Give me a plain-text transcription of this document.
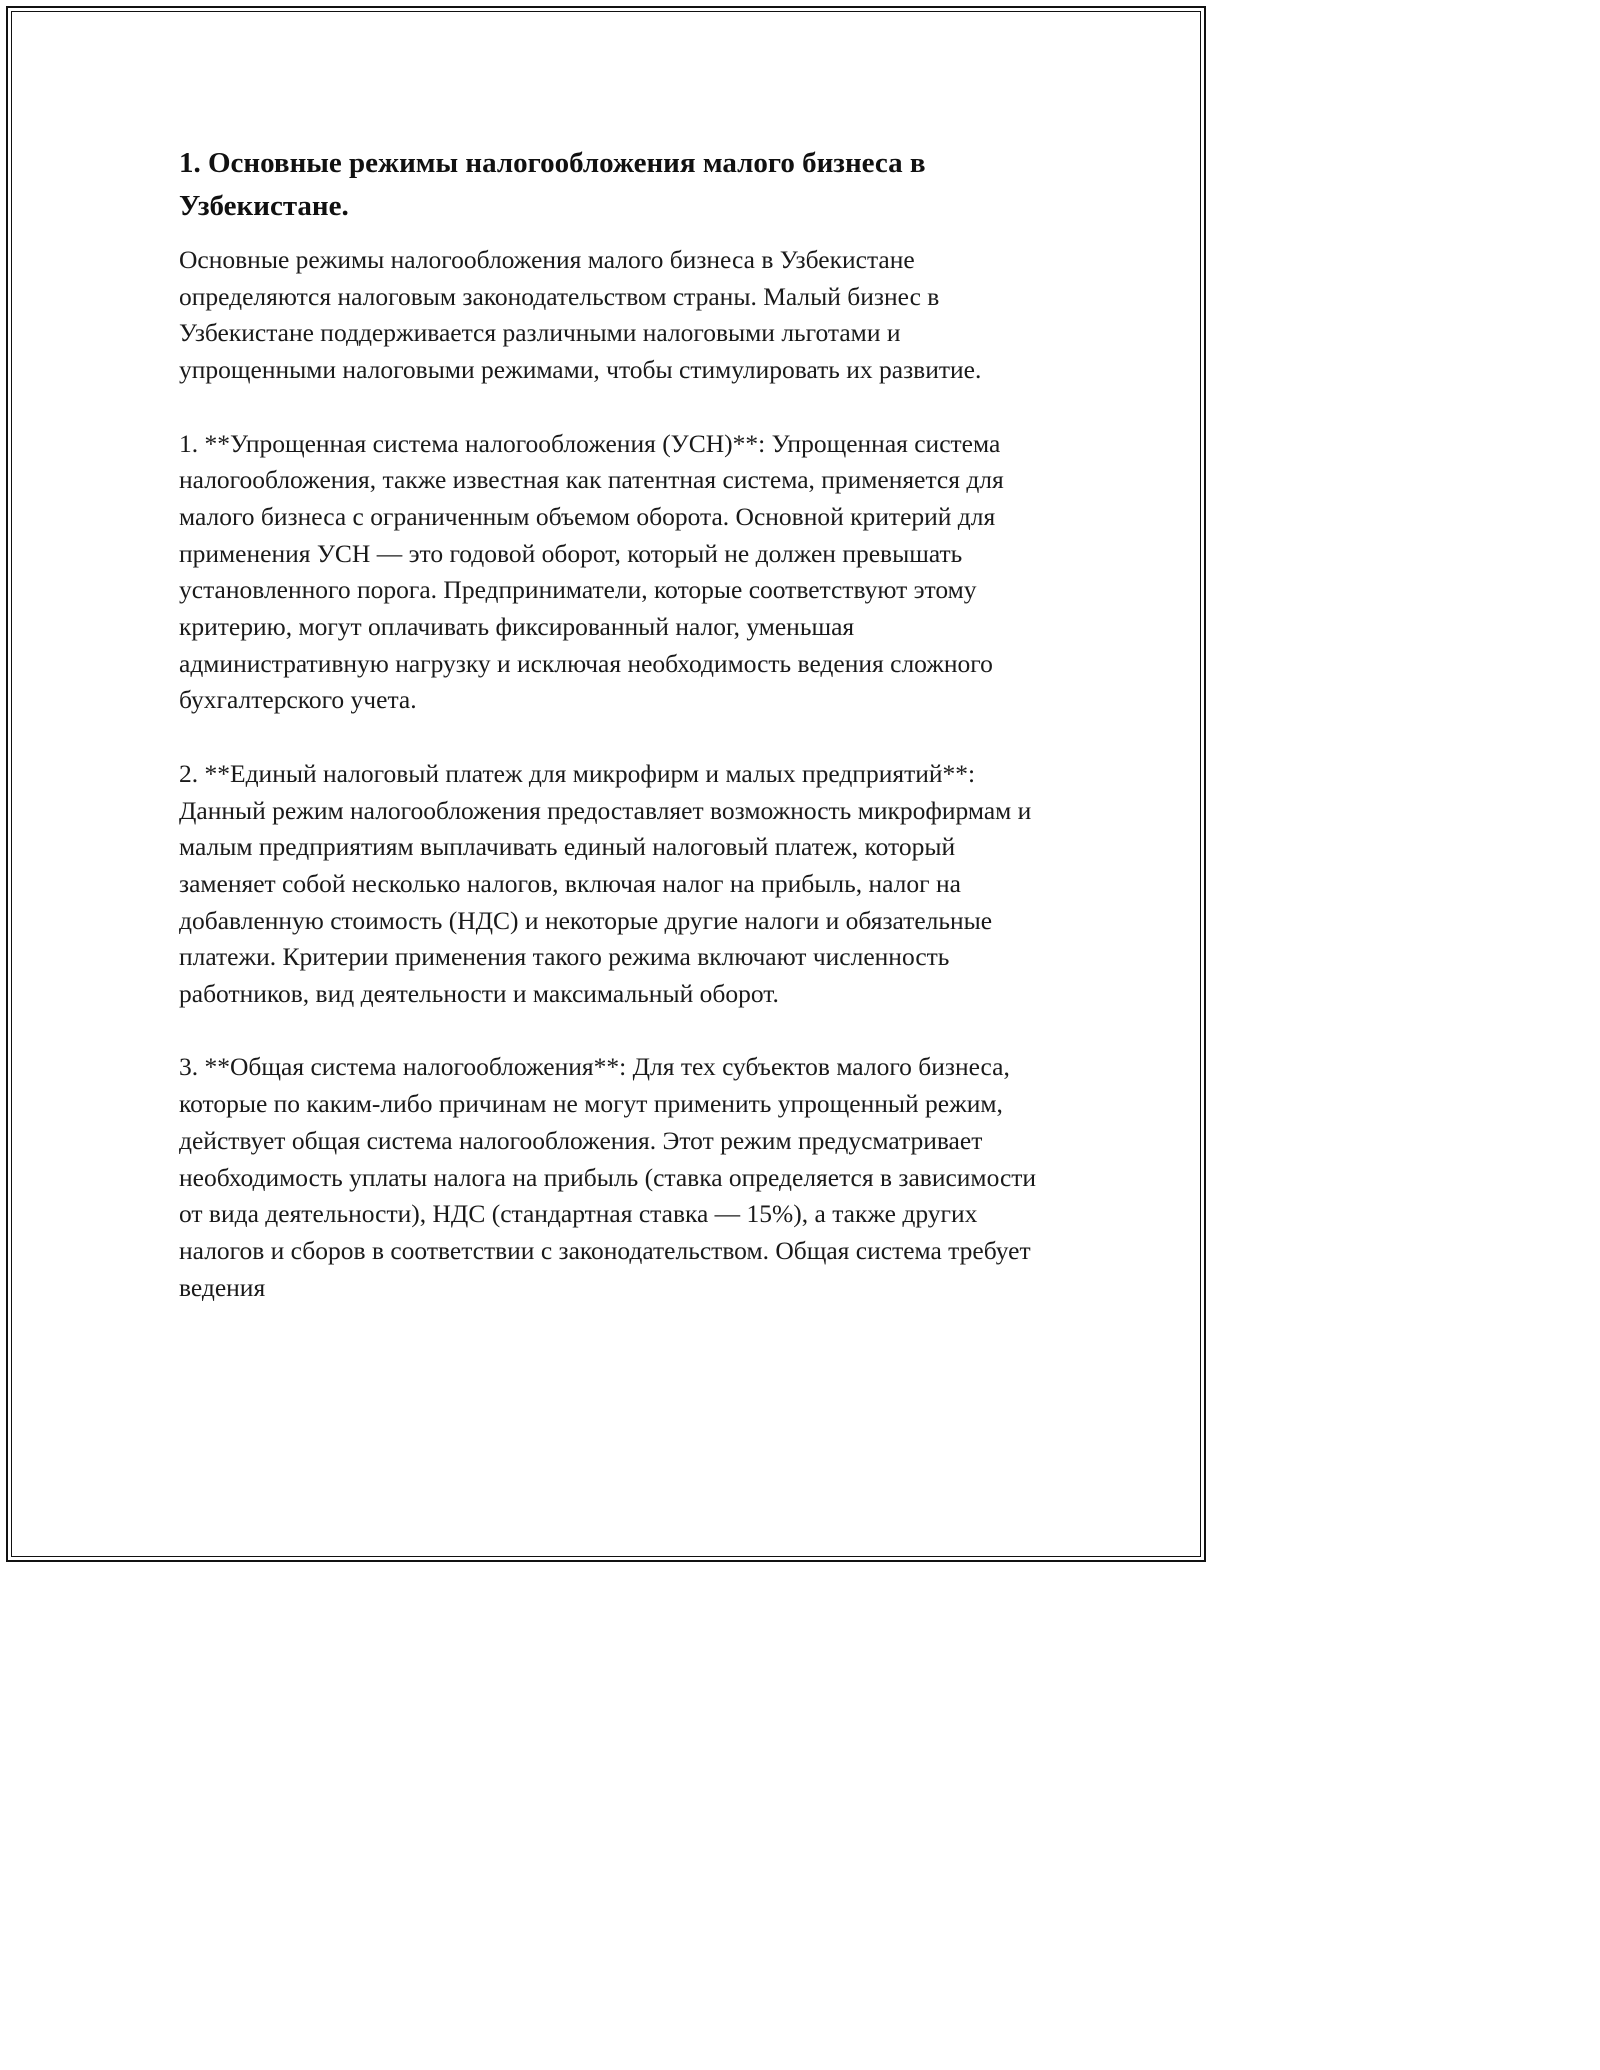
1. Основные режимы налогообложения малого бизнеса в Узбекистане.

Основные режимы налогообложения малого бизнеса в Узбекистане определяются налоговым законодательством страны. Малый бизнес в Узбекистане поддерживается различными налоговыми льготами и упрощенными налоговыми режимами, чтобы стимулировать их развитие.

1. **Упрощенная система налогообложения (УСН)**: Упрощенная система налогообложения, также известная как патентная система, применяется для малого бизнеса с ограниченным объемом оборота. Основной критерий для применения УСН — это годовой оборот, который не должен превышать установленного порога. Предприниматели, которые соответствуют этому критерию, могут оплачивать фиксированный налог, уменьшая административную нагрузку и исключая необходимость ведения сложного бухгалтерского учета.

2. **Единый налоговый платеж для микрофирм и малых предприятий**: Данный режим налогообложения предоставляет возможность микрофирмам и малым предприятиям выплачивать единый налоговый платеж, который заменяет собой несколько налогов, включая налог на прибыль, налог на добавленную стоимость (НДС) и некоторые другие налоги и обязательные платежи. Критерии применения такого режима включают численность работников, вид деятельности и максимальный оборот.

3. **Общая система налогообложения**: Для тех субъектов малого бизнеса, которые по каким-либо причинам не могут применить упрощенный режим, действует общая система налогообложения. Этот режим предусматривает необходимость уплаты налога на прибыль (ставка определяется в зависимости от вида деятельности), НДС (стандартная ставка — 15%), а также других налогов и сборов в соответствии с законодательством. Общая система требует ведения
